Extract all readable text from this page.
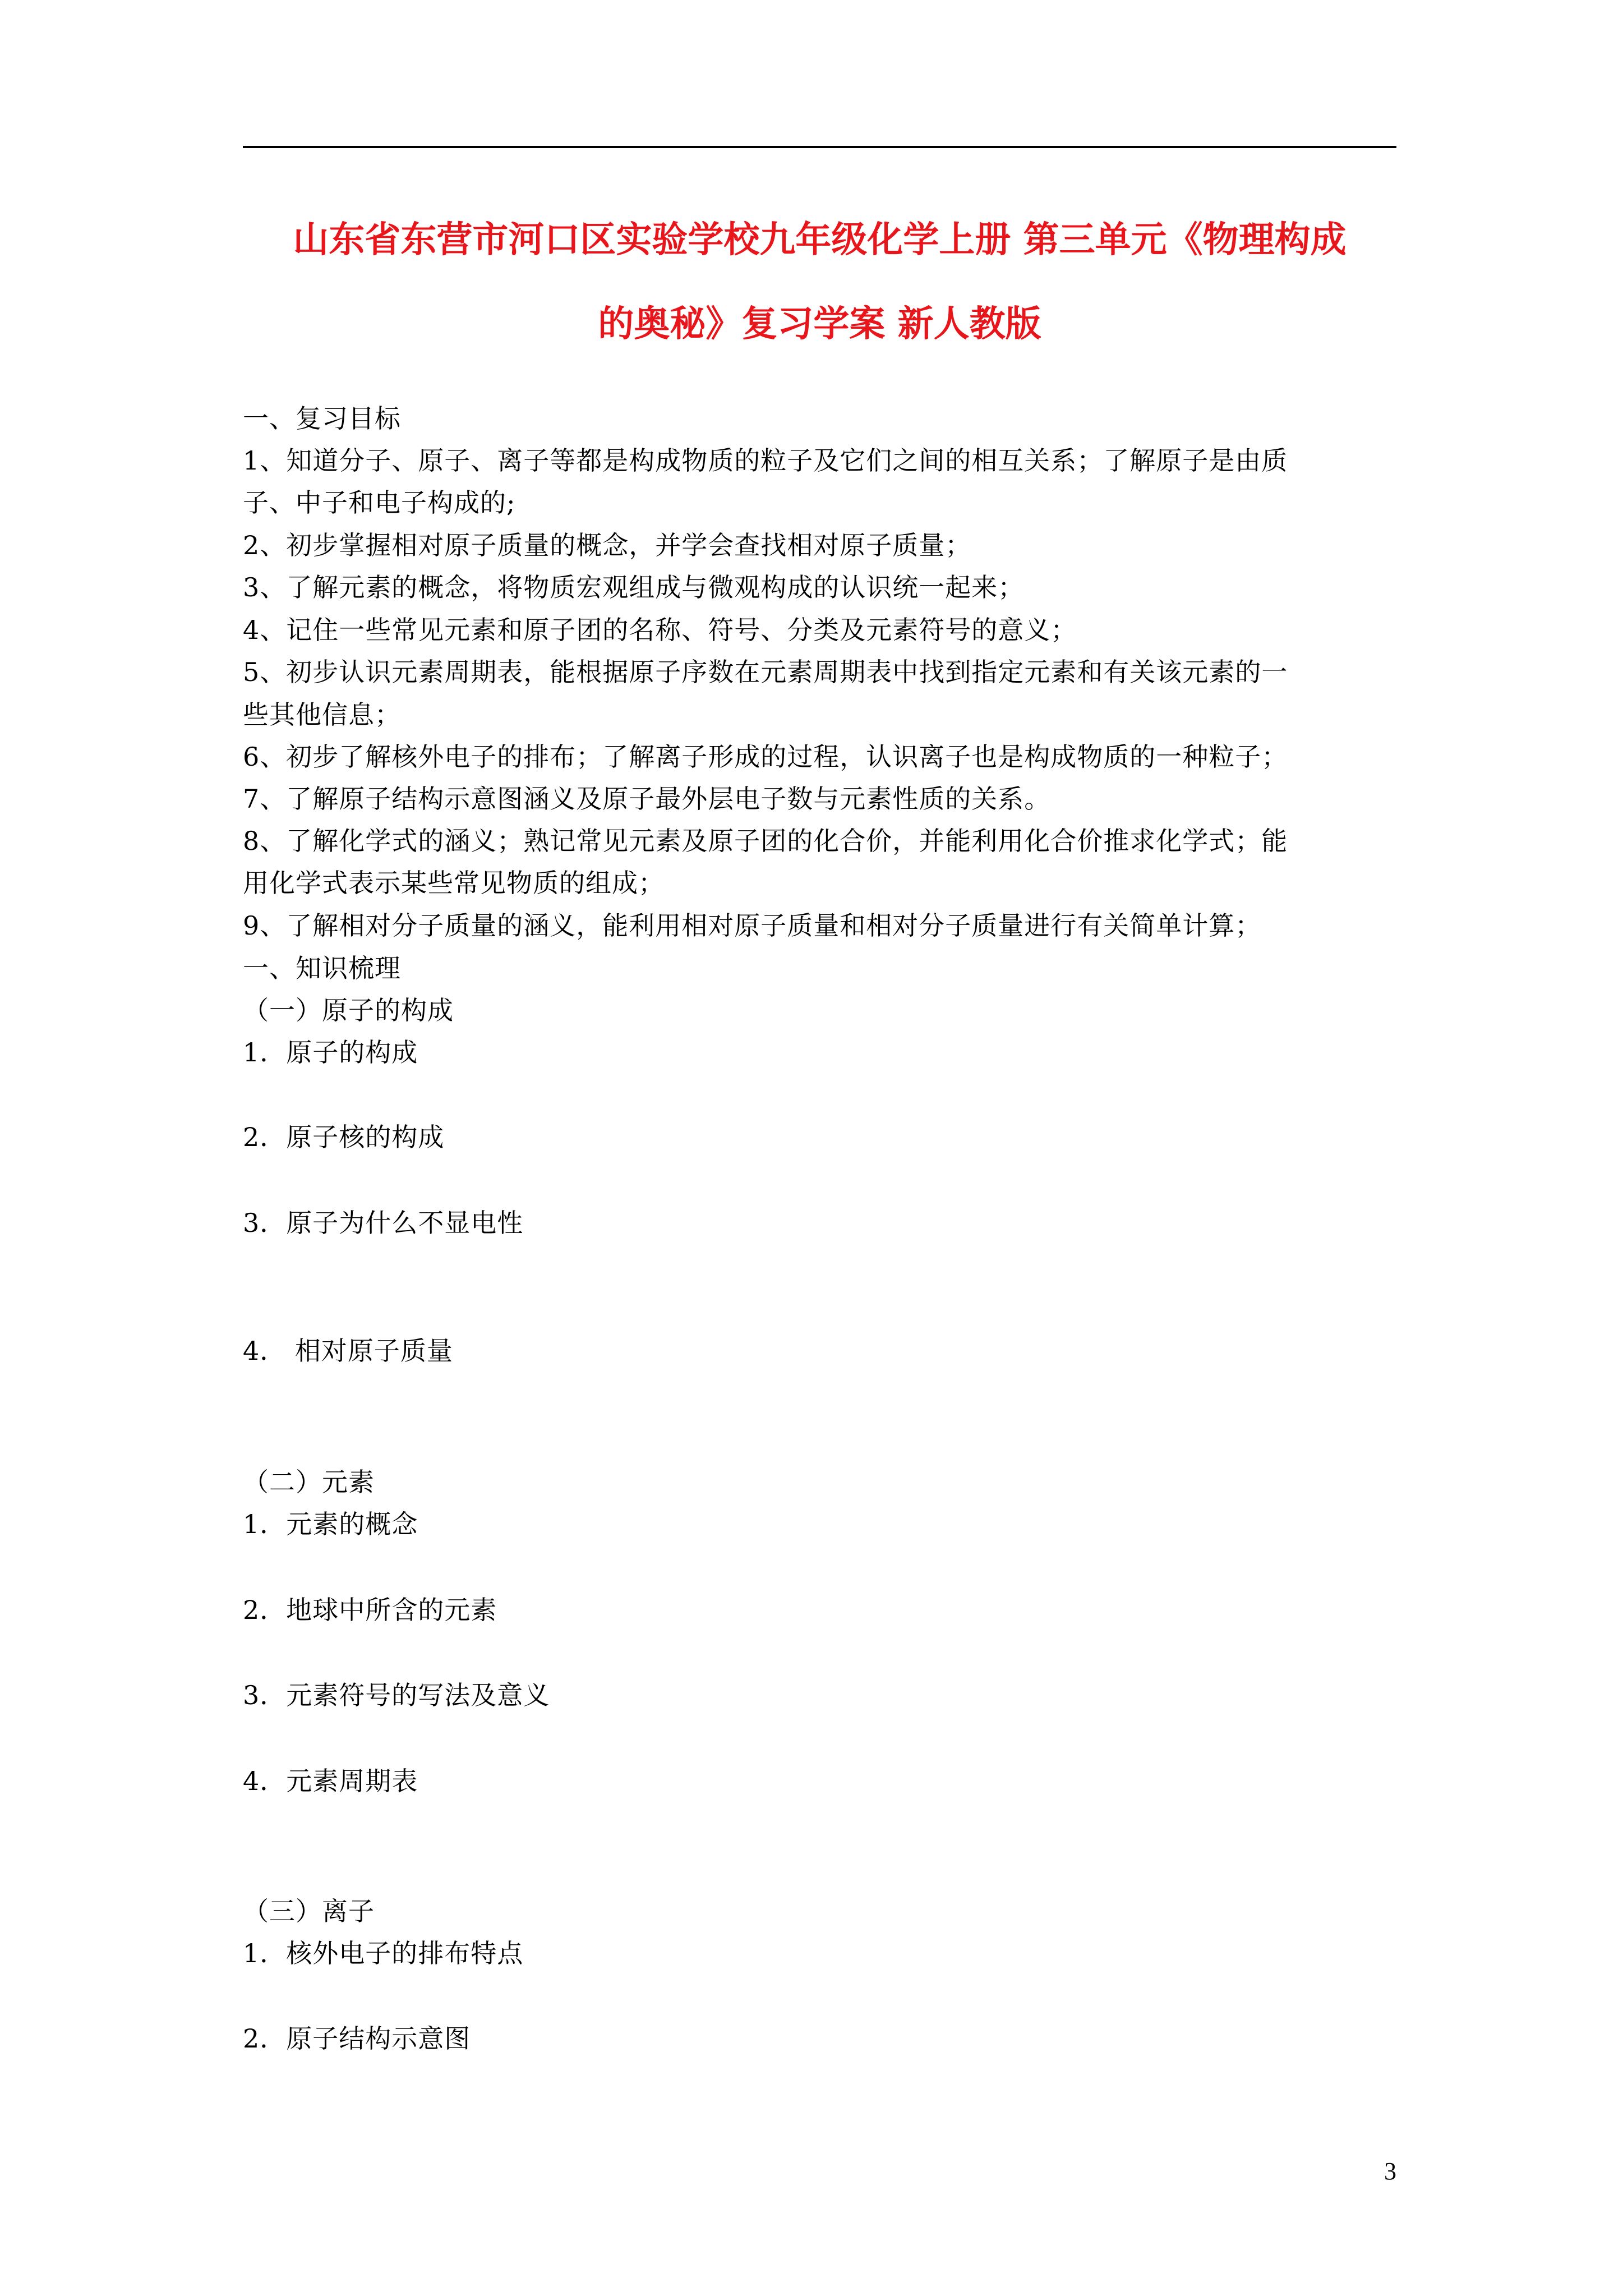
山东省东营市河口区实验学校九年级化学上册 第三单元《物理构成
的奥秘》复习学案 新人教版
一、复习目标
1、知道分子、原子、离子等都是构成物质的粒子及它们之间的相互关系；了解原子是由质
子、中子和电子构成的;
2、初步掌握相对原子质量的概念，并学会查找相对原子质量；
3、了解元素的概念，将物质宏观组成与微观构成的认识统一起来；
4、记住一些常见元素和原子团的名称、符号、分类及元素符号的意义；
5、初步认识元素周期表，能根据原子序数在元素周期表中找到指定元素和有关该元素的一
些其他信息；
6、初步了解核外电子的排布；了解离子形成的过程，认识离子也是构成物质的一种粒子；
7、了解原子结构示意图涵义及原子最外层电子数与元素性质的关系。
8、了解化学式的涵义；熟记常见元素及原子团的化合价，并能利用化合价推求化学式；能
用化学式表示某些常见物质的组成；
9、了解相对分子质量的涵义，能利用相对原子质量和相对分子质量进行有关简单计算；
一、知识梳理
（一）原子的构成
1．原子的构成
2．原子核的构成
3．原子为什么不显电性
4． 相对原子质量
（二）元素
1．元素的概念
2．地球中所含的元素
3．元素符号的写法及意义
4．元素周期表
（三）离子
1．核外电子的排布特点
2．原子结构示意图
3
